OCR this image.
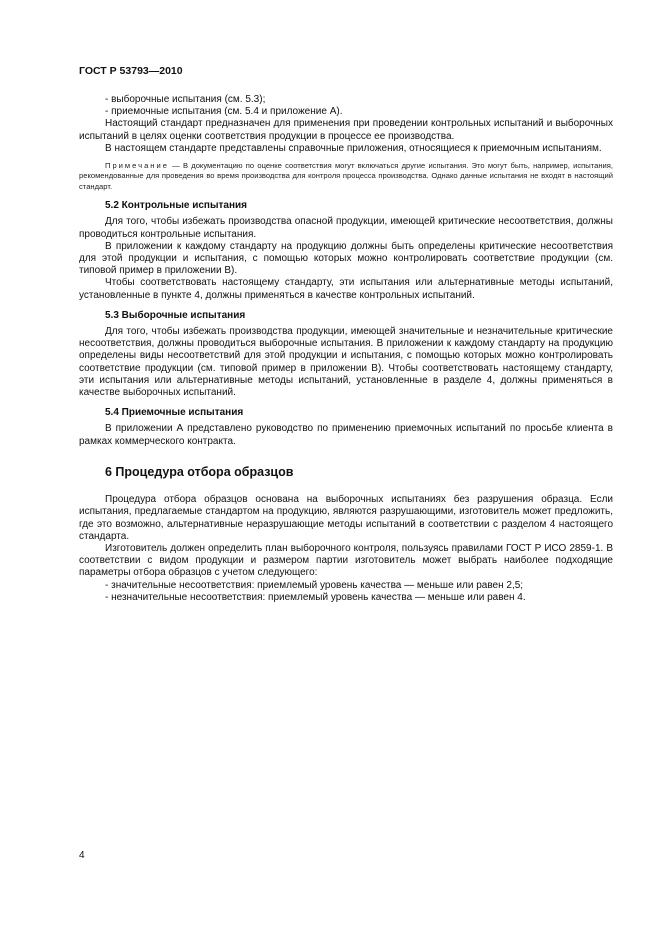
ГОСТ Р 53793—2010

- выборочные испытания (см. 5.3);

- приемочные испытания (см. 5.4 и приложение А).

Настоящий стандарт предназначен для применения при проведении контрольных испытаний и выборочных испытаний в целях оценки соответствия продукции в процессе ее производства.

В настоящем стандарте представлены справочные приложения, относящиеся к приемочным испытаниям.

Примечание — В документацию по оценке соответствия могут включаться другие испытания. Это могут быть, например, испытания, рекомендованные для проведения во время производства для контроля процесса производства. Однако данные испытания не входят в настоящий стандарт.

5.2 Контрольные испытания

Для того, чтобы избежать производства опасной продукции, имеющей критические несоответствия, должны проводиться контрольные испытания.

В приложении к каждому стандарту на продукцию должны быть определены критические несоответствия для этой продукции и испытания, с помощью которых можно контролировать соответствие продукции (см. типовой пример в приложении В).

Чтобы соответствовать настоящему стандарту, эти испытания или альтернативные методы испытаний, установленные в пункте 4, должны применяться в качестве контрольных испытаний.

5.3 Выборочные испытания

Для того, чтобы избежать производства продукции, имеющей значительные и незначительные критические несоответствия, должны проводиться выборочные испытания. В приложении к каждому стандарту на продукцию определены виды несоответствий для этой продукции и испытания, с помощью которых можно контролировать соответствие продукции (см. типовой пример в приложении В). Чтобы соответствовать настоящему стандарту, эти испытания или альтернативные методы испытаний, установленные в разделе 4, должны применяться в качестве выборочных испытаний.

5.4 Приемочные испытания

В приложении А представлено руководство по применению приемочных испытаний по просьбе клиента в рамках коммерческого контракта.

6 Процедура отбора образцов

Процедура отбора образцов основана на выборочных испытаниях без разрушения образца. Если испытания, предлагаемые стандартом на продукцию, являются разрушающими, изготовитель может предложить, где это возможно, альтернативные неразрушающие методы испытаний в соответствии с разделом 4 настоящего стандарта.

Изготовитель должен определить план выборочного контроля, пользуясь правилами ГОСТ Р ИСО 2859-1. В соответствии с видом продукции и размером партии изготовитель может выбрать наиболее подходящие параметры отбора образцов с учетом следующего:

- значительные несоответствия: приемлемый уровень качества — меньше или равен 2,5;

- незначительные несоответствия: приемлемый уровень качества — меньше или равен 4.

4
